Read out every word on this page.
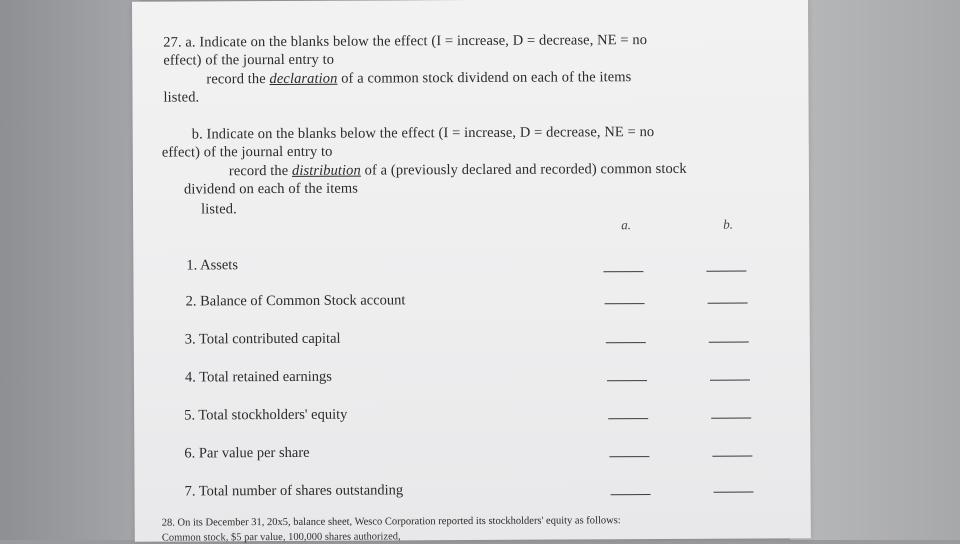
27. a. Indicate on the blanks below the effect (I = increase, D = decrease, NE = no
effect) of the journal entry to
record the declaration of a common stock dividend on each of the items
listed.
b. Indicate on the blanks below the effect (I = increase, D = decrease, NE = no
effect) of the journal entry to
record the distribution of a (previously declared and recorded) common stock
dividend on each of the items
listed.
a.	b.
1. Assets
2. Balance of Common Stock account
3. Total contributed capital
4. Total retained earnings
5. Total stockholders' equity
6. Par value per share
7. Total number of shares outstanding
28. On its December 31, 20x5, balance sheet, Wesco Corporation reported its stockholders' equity as follows:
Common stock, $5 par value, 100,000 shares authorized,
